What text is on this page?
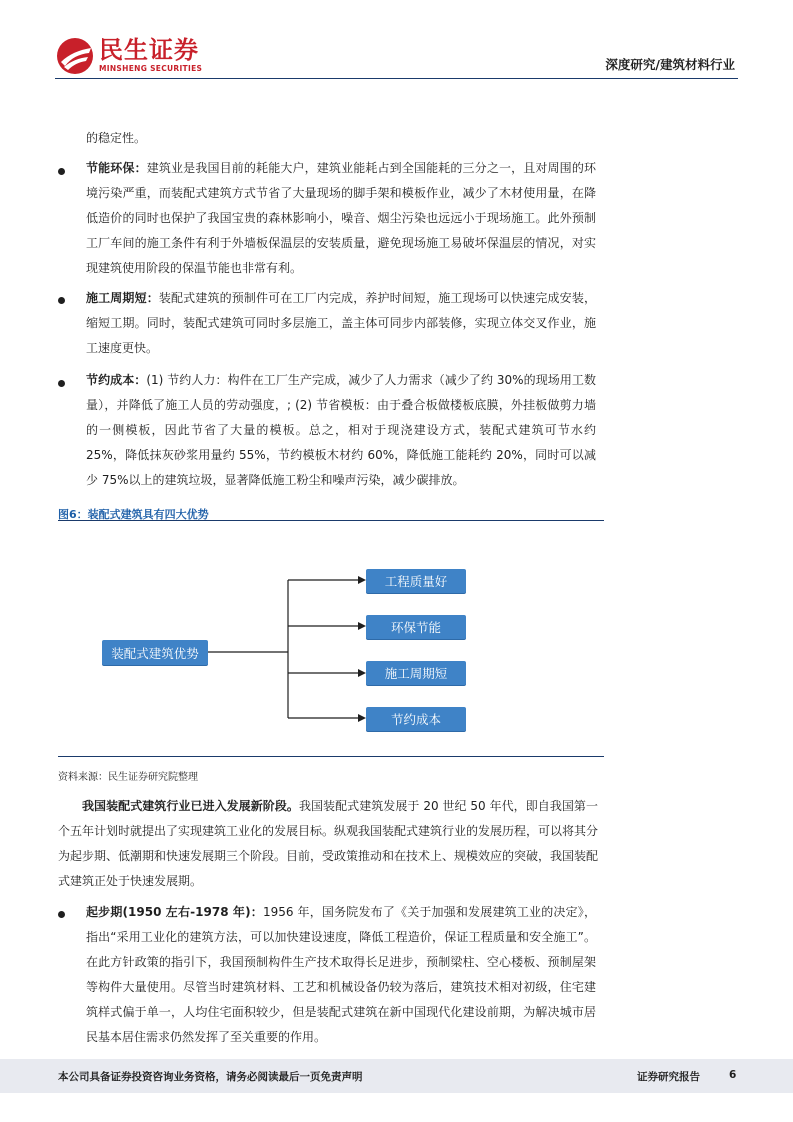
民生证券
MINSHENG SECURITIES	深度研究/建筑材料行业
的稳定性。
节能环保：建筑业是我国目前的耗能大户，建筑业能耗占到全国能耗的三分之一，且对周围的环境污染严重，而装配式建筑方式节省了大量现场的脚手架和模板作业，减少了木材使用量，在降低造价的同时也保护了我国宝贵的森林影响小，噪音、烟尘污染也远远小于现场施工。此外预制工厂车间的施工条件有利于外墙板保温层的安装质量，避免现场施工易破坏保温层的情况，对实现建筑使用阶段的保温节能也非常有利。
施工周期短：装配式建筑的预制件可在工厂内完成，养护时间短，施工现场可以快速完成安装，缩短工期。同时，装配式建筑可同时多层施工，盖主体可同步内部装修，实现立体交叉作业，施工速度更快。
节约成本：(1) 节约人力：构件在工厂生产完成，减少了人力需求（减少了约 30%的现场用工数量），并降低了施工人员的劳动强度，; (2) 节省模板：由于叠合板做楼板底膜，外挂板做剪力墙的一侧模板，因此节省了大量的模板。总之，相对于现浇建设方式，装配式建筑可节水约 25%，降低抹灰砂浆用量约 55%，节约模板木材约 60%，降低施工能耗约 20%，同时可以减少 75%以上的建筑垃圾，显著降低施工粉尘和噪声污染，减少碳排放。
图6：装配式建筑具有四大优势
装配式建筑优势
工程质量好
环保节能
施工周期短
节约成本
资料来源：民生证券研究院整理
我国装配式建筑行业已进入发展新阶段。我国装配式建筑发展于 20 世纪 50 年代，即自我国第一个五年计划时就提出了实现建筑工业化的发展目标。纵观我国装配式建筑行业的发展历程，可以将其分为起步期、低潮期和快速发展期三个阶段。目前，受政策推动和在技术上、规模效应的突破，我国装配式建筑正处于快速发展期。
起步期(1950 左右-1978 年)：1956 年，国务院发布了《关于加强和发展建筑工业的决定》，指出“采用工业化的建筑方法，可以加快建设速度，降低工程造价，保证工程质量和安全施工”。在此方针政策的指引下，我国预制构件生产技术取得长足进步，预制梁柱、空心楼板、预制屋架等构件大量使用。尽管当时建筑材料、工艺和机械设备仍较为落后，建筑技术相对初级，住宅建筑样式偏于单一，人均住宅面积较少，但是装配式建筑在新中国现代化建设前期，为解决城市居民基本居住需求仍然发挥了至关重要的作用。
本公司具备证券投资咨询业务资格，请务必阅读最后一页免责声明	证券研究报告	6
